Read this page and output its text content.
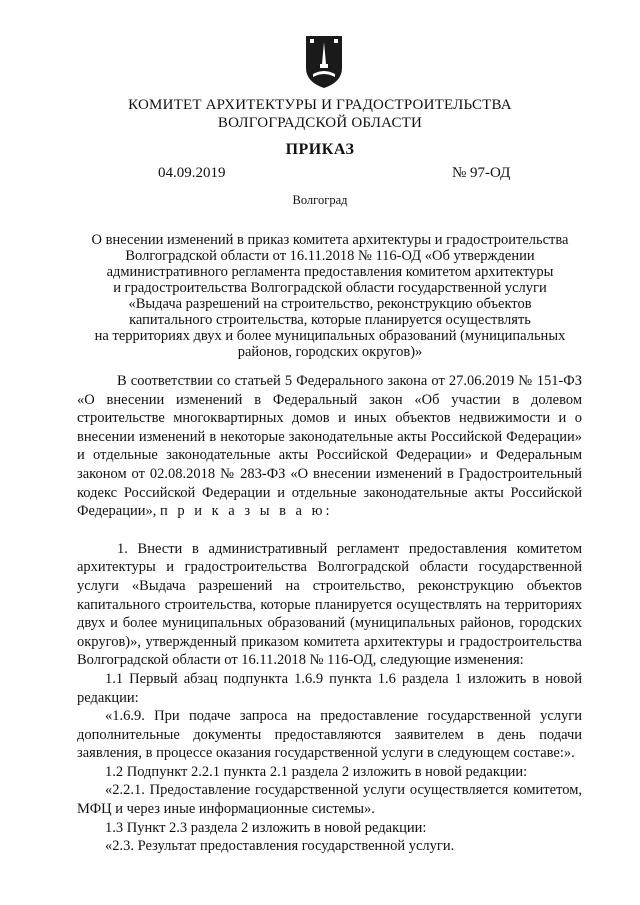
КОМИТЕТ АРХИТЕКТУРЫ И ГРАДОСТРОИТЕЛЬСТВА
ВОЛГОГРАДСКОЙ ОБЛАСТИ
ПРИКАЗ
04.09.2019	№ 97-ОД
Волгоград
О внесении изменений в приказ комитета архитектуры и градостроительства
Волгоградской области от 16.11.2018 № 116-ОД «Об утверждении
административного регламента предоставления комитетом архитектуры
и градостроительства Волгоградской области государственной услуги
«Выдача разрешений на строительство, реконструкцию объектов
капитального строительства, которые планируется осуществлять
на территориях двух и более муниципальных образований (муниципальных
районов, городских округов)»

В соответствии со статьей 5 Федерального закона от 27.06.2019 № 151-ФЗ «О внесении изменений в Федеральный закон «Об участии в долевом строительстве многоквартирных домов и иных объектов недвижимости и о внесении изменений в некоторые законодательные акты Российской Федерации» и отдельные законодательные акты Российской Федерации» и Федеральным законом от 02.08.2018 № 283-ФЗ «О внесении изменений в Градостроительный кодекс Российской Федерации и отдельные законодательные акты Российской Федерации», п р и к а з ы в а ю:

1. Внести в административный регламент предоставления комитетом архитектуры и градостроительства Волгоградской области государственной услуги «Выдача разрешений на строительство, реконструкцию объектов капитального строительства, которые планируется осуществлять на территориях двух и более муниципальных образований (муниципальных районов, городских округов)», утвержденный приказом комитета архитектуры и градостроительства Волгоградской области от 16.11.2018 № 116-ОД, следующие изменения:

1.1 Первый абзац подпункта 1.6.9 пункта 1.6 раздела 1 изложить в новой редакции:

«1.6.9. При подаче запроса на предоставление государственной услуги дополнительные документы предоставляются заявителем в день подачи заявления, в процессе оказания государственной услуги в следующем составе:».

1.2 Подпункт 2.2.1 пункта 2.1 раздела 2 изложить в новой редакции:

«2.2.1. Предоставление государственной услуги осуществляется комитетом, МФЦ и через иные информационные системы».

1.3 Пункт 2.3 раздела 2 изложить в новой редакции:

«2.3. Результат предоставления государственной услуги.
